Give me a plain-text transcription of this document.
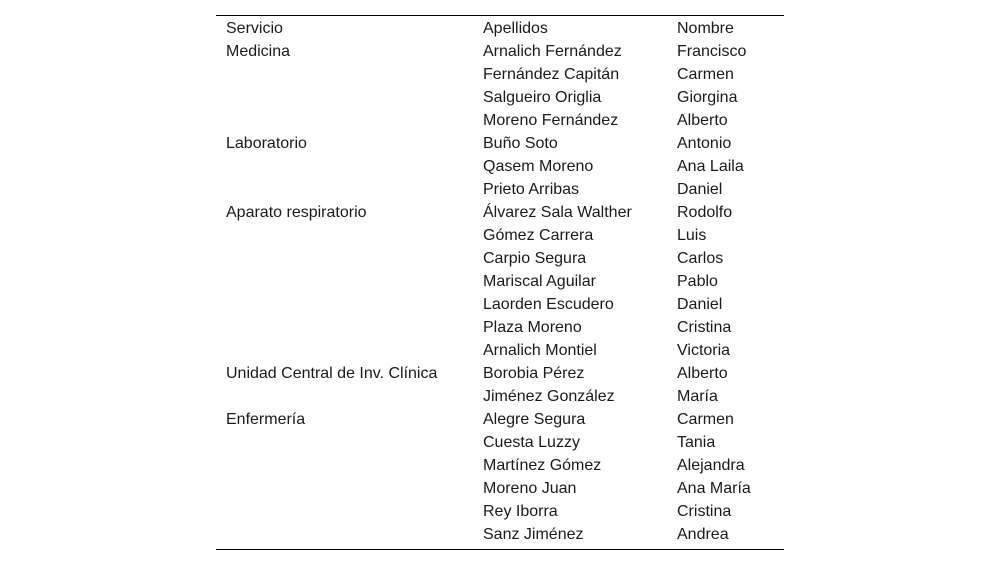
Servicio	Apellidos	Nombre
Medicina	Arnalich Fernández	Francisco
	Fernández Capitán	Carmen
	Salgueiro Origlia	Giorgina
	Moreno Fernández	Alberto
Laboratorio	Buño Soto	Antonio
	Qasem Moreno	Ana Laila
	Prieto Arribas	Daniel
Aparato respiratorio	Álvarez Sala Walther	Rodolfo
	Gómez Carrera	Luis
	Carpio Segura	Carlos
	Mariscal Aguilar	Pablo
	Laorden Escudero	Daniel
	Plaza Moreno	Cristina
	Arnalich Montiel	Victoria
Unidad Central de Inv. Clínica	Borobia Pérez	Alberto
	Jiménez González	María
Enfermería	Alegre Segura	Carmen
	Cuesta Luzzy	Tania
	Martínez Gómez	Alejandra
	Moreno Juan	Ana María
	Rey Iborra	Cristina
	Sanz Jiménez	Andrea
